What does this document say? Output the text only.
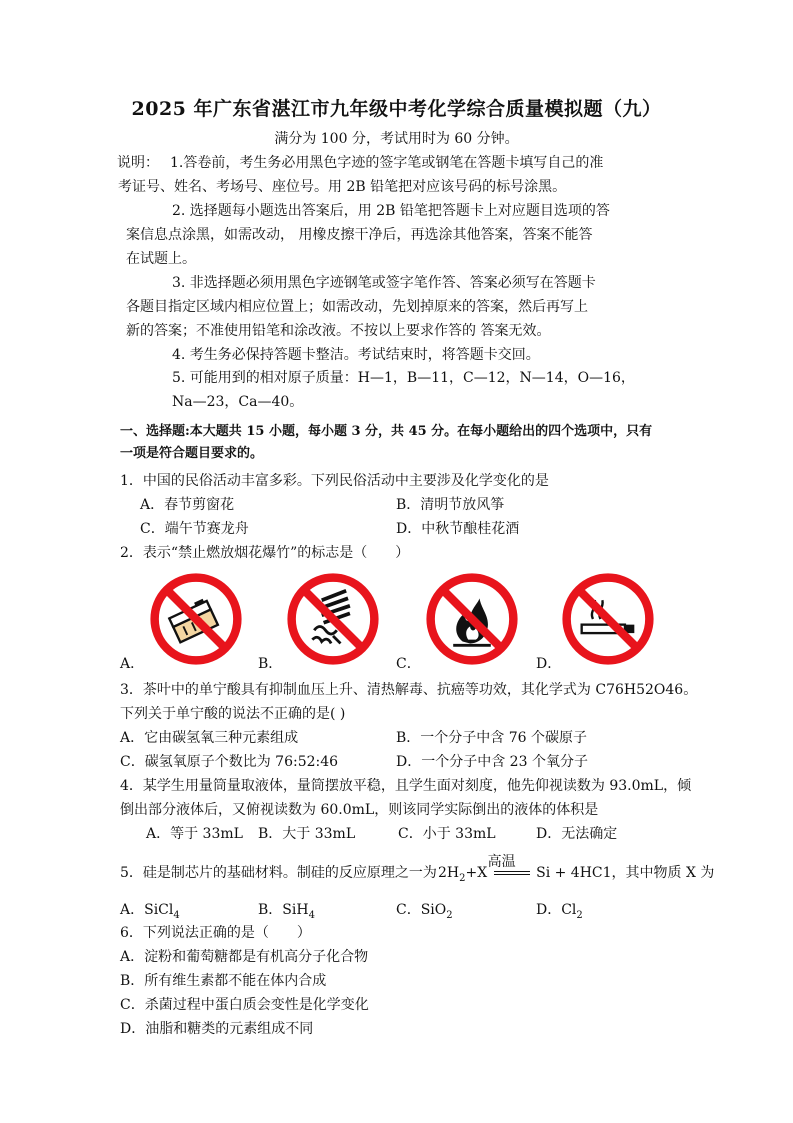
2025 年广东省湛江市九年级中考化学综合质量模拟题（九）
满分为 100 分，考试用时为 60 分钟。
说明： 1.答卷前，考生务必用黑色字迹的签字笔或钢笔在答题卡填写自己的准
考证号、姓名、考场号、座位号。用 2B 铅笔把对应该号码的标号涂黑。
2. 选择题每小题选出答案后，用 2B 铅笔把答题卡上对应题目选项的答
案信息点涂黑，如需改动， 用橡皮擦干净后，再选涂其他答案，答案不能答
在试题上。
3. 非选择题必须用黑色字迹钢笔或签字笔作答、答案必须写在答题卡
各题目指定区域内相应位置上；如需改动，先划掉原来的答案，然后再写上
新的答案；不准使用铅笔和涂改液。不按以上要求作答的 答案无效。
4. 考生务必保持答题卡整洁。考试结束时，将答题卡交回。
5. 可能用到的相对原子质量：H—1，B—11，C—12，N—14，O—16，
Na—23，Ca—40。
一、选择题:本大题共 15 小题，每小题 3 分，共 45 分。在每小题给出的四个选项中，只有
一项是符合题目要求的。
1．中国的民俗活动丰富多彩。下列民俗活动中主要涉及化学变化的是
A．春节剪窗花	B．清明节放风筝
C．端午节赛龙舟	D．中秋节酿桂花酒
2．表示“禁止燃放烟花爆竹”的标志是（　　）
A．	B．	C．	D．
3．茶叶中的单宁酸具有抑制血压上升、清热解毒、抗癌等功效，其化学式为 C76H52O46。
下列关于单宁酸的说法不正确的是( )
A．它由碳氢氧三种元素组成	B．一个分子中含 76 个碳原子
C．碳氢氧原子个数比为 76:52:46	D．一个分子中含 23 个氧分子
4．某学生用量筒量取液体，量筒摆放平稳，且学生面对刻度，他先仰视读数为 93.0mL，倾
倒出部分液体后，又俯视读数为 60.0mL，则该同学实际倒出的液体的体积是
A．等于 33mL B．大于 33mL	C．小于 33mL	D．无法确定
5．硅是制芯片的基础材料。制硅的反应原理之一为 $2H_2+X$
高温
Si + 4HC1，其中物质 X 为
A．SiCl$_4$	B．SiH$_4$	C．SiO$_2$	D．$Cl_2$
6．下列说法正确的是（　　）
A．淀粉和葡萄糖都是有机高分子化合物
B．所有维生素都不能在体内合成
C．杀菌过程中蛋白质会变性是化学变化
D．油脂和糖类的元素组成不同
